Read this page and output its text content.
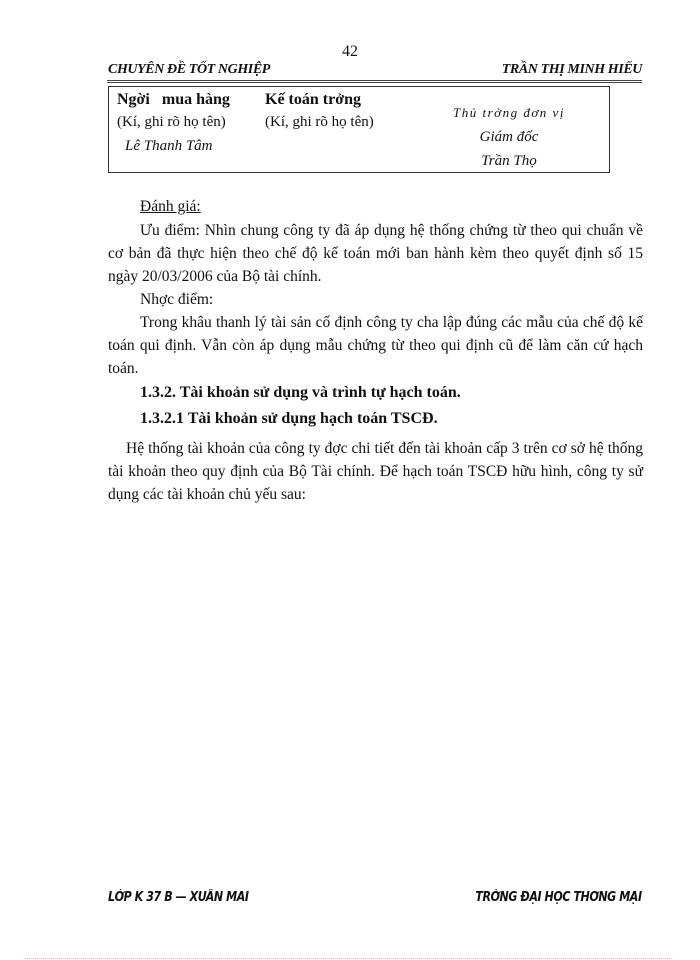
42
CHUYÊN ĐỀ TỐT NGHIỆP	TRẦN THỊ MINH HIẾU
Ngời   mua hàng
(Kí, ghi rõ họ tên)
Lê Thanh Tâm
Kế toán trởng
(Kí, ghi rõ họ tên)
Thủ trởng đơn vị
Giám đốc
Trần Thọ
Đánh giá:
Ưu điểm: Nhìn chung công ty đã áp dụng hệ thống chứng từ theo qui chuẩn về cơ bản đã thực hiện theo chế độ kế toán mới ban hành kèm theo quyết định số 15 ngày 20/03/2006 của Bộ tài chính.
Nhợc điểm:
Trong khâu thanh lý tài sản cố định công ty cha lập đúng các mẫu của chế độ kế toán qui định. Vẫn còn áp dụng mẫu chứng từ theo qui định cũ để làm căn cứ hạch toán.
1.3.2. Tài khoản sử dụng và trình tự hạch toán.
1.3.2.1 Tài khoản sử dụng hạch toán TSCĐ.
Hệ thống tài khoản của công ty đợc chi tiết đến tài khoản cấp 3 trên cơ sở hệ thống tài khoản theo quy định của Bộ Tài chính. Để hạch toán TSCĐ hữu hình, công ty sử dụng các tài khoản chủ yếu sau:
LỚP K 37 B — XUÂN MAI	TRỜNG ĐẠI HỌC THƠNG MẠI
